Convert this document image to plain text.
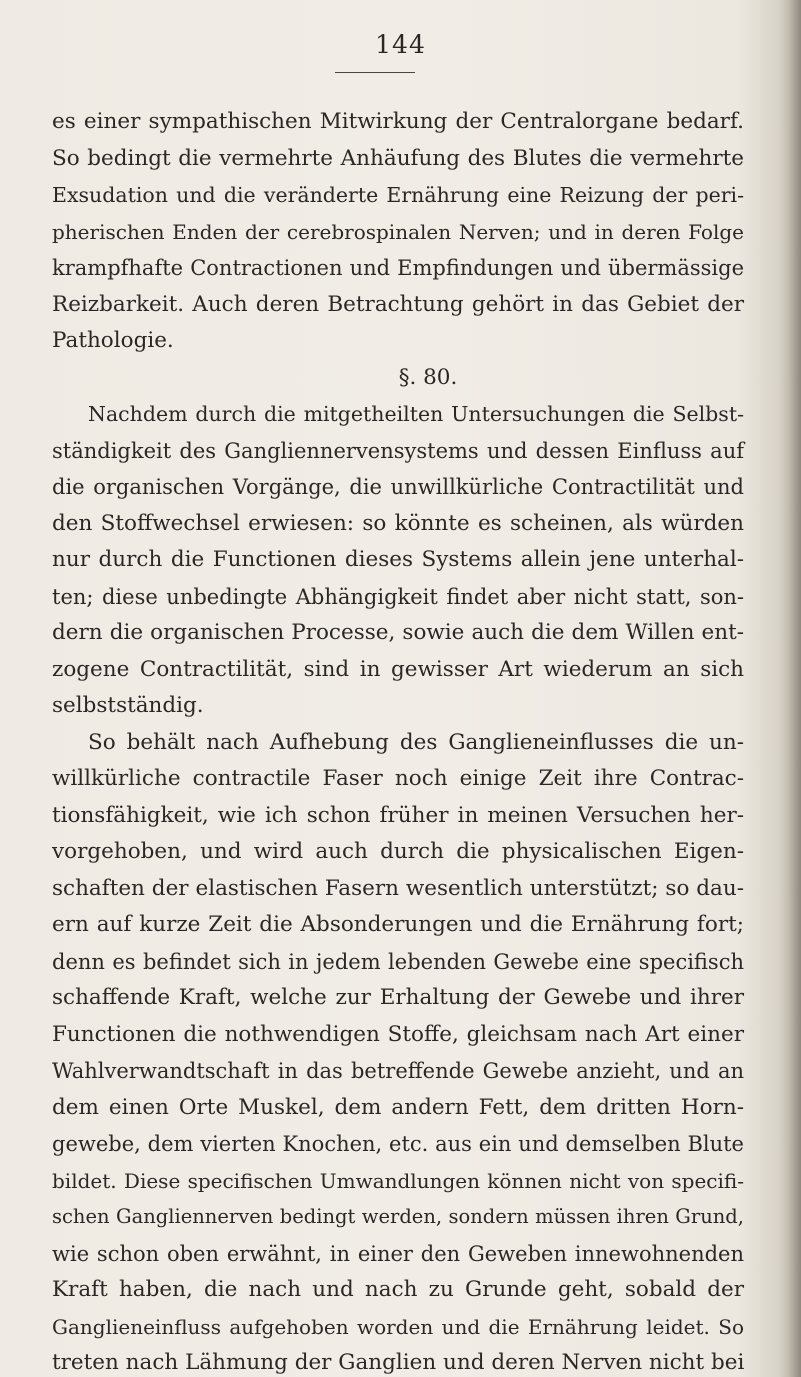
144
es einer sympathischen Mitwirkung der Centralorgane bedarf.
So bedingt die vermehrte Anhäufung des Blutes die vermehrte
Exsudation und die veränderte Ernährung eine Reizung der peri-
pherischen Enden der cerebrospinalen Nerven; und in deren Folge
krampfhafte Contractionen und Empfindungen und übermässige
Reizbarkeit. Auch deren Betrachtung gehört in das Gebiet der
Pathologie.
§. 80.
Nachdem durch die mitgetheilten Untersuchungen die Selbst-
ständigkeit des Gangliennervensystems und dessen Einfluss auf
die organischen Vorgänge, die unwillkürliche Contractilität und
den Stoffwechsel erwiesen: so könnte es scheinen, als würden
nur durch die Functionen dieses Systems allein jene unterhal-
ten; diese unbedingte Abhängigkeit findet aber nicht statt, son-
dern die organischen Processe, sowie auch die dem Willen ent-
zogene Contractilität, sind in gewisser Art wiederum an sich
selbstständig.
So behält nach Aufhebung des Ganglieneinflusses die un-
willkürliche contractile Faser noch einige Zeit ihre Contrac-
tionsfähigkeit, wie ich schon früher in meinen Versuchen her-
vorgehoben, und wird auch durch die physicalischen Eigen-
schaften der elastischen Fasern wesentlich unterstützt; so dau-
ern auf kurze Zeit die Absonderungen und die Ernährung fort;
denn es befindet sich in jedem lebenden Gewebe eine specifisch
schaffende Kraft, welche zur Erhaltung der Gewebe und ihrer
Functionen die nothwendigen Stoffe, gleichsam nach Art einer
Wahlverwandtschaft in das betreffende Gewebe anzieht, und an
dem einen Orte Muskel, dem andern Fett, dem dritten Horn-
gewebe, dem vierten Knochen, etc. aus ein und demselben Blute
bildet. Diese specifischen Umwandlungen können nicht von specifi-
schen Gangliennerven bedingt werden, sondern müssen ihren Grund,
wie schon oben erwähnt, in einer den Geweben innewohnenden
Kraft haben, die nach und nach zu Grunde geht, sobald der
Ganglieneinfluss aufgehoben worden und die Ernährung leidet. So
treten nach Lähmung der Ganglien und deren Nerven nicht bei
